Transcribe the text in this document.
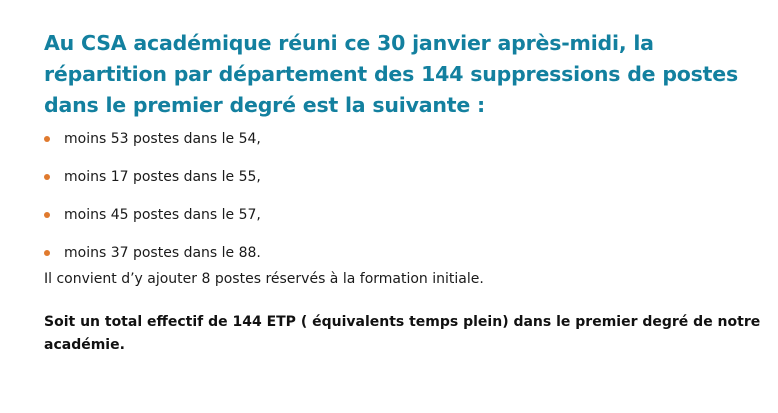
Au CSA académique réuni ce 30 janvier après-midi, la répartition par département des 144 suppressions de postes dans le premier degré est la suivante :
moins 53 postes dans le 54,
moins 17 postes dans le 55,
moins 45 postes dans le 57,
moins 37 postes dans le 88.

Il convient d’y ajouter 8 postes réservés à la formation initiale.

Soit un total effectif de 144 ETP ( équivalents temps plein) dans le premier degré de notre académie.
